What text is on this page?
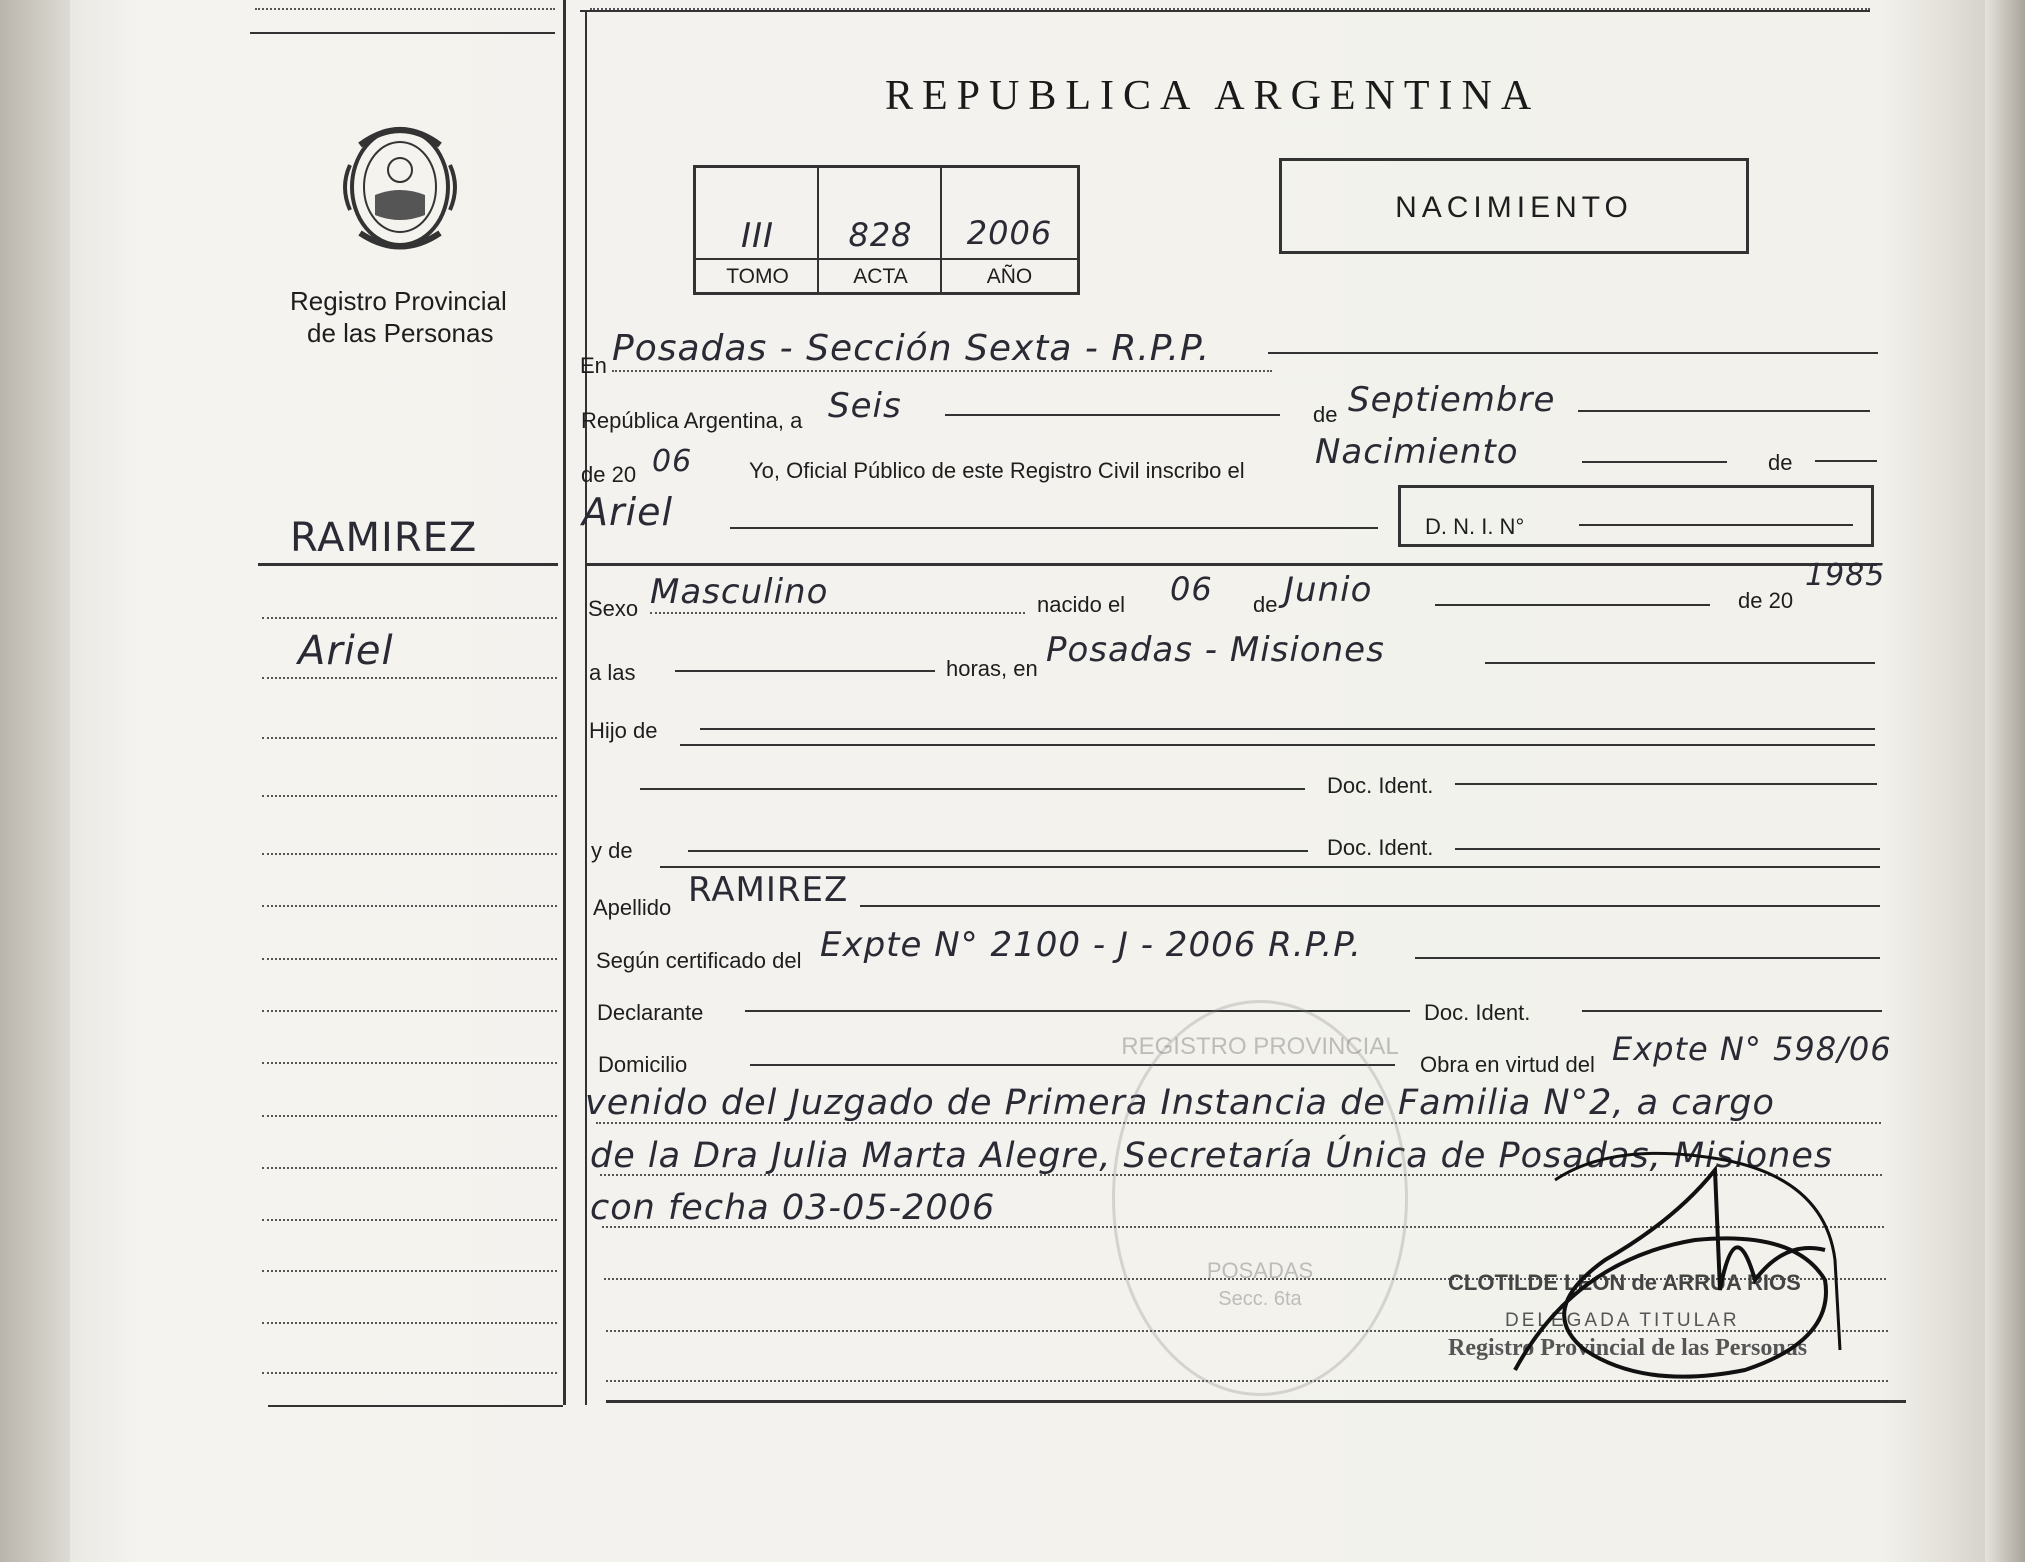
Registro Provincial
de las Personas
REPUBLICA ARGENTINA
III	828	2006
TOMO	ACTA	AÑO
NACIMIENTO
En Posadas - Sección Sexta - R.P.P.
República Argentina, a Seis	de Septiembre
de 20 06	Yo, Oficial Público de este Registro Civil inscribo el Nacimiento	de
Ariel	D. N. I. N°
RAMIREZ
Ariel
Sexo Masculino	nacido el 06 de Junio	de 20
1985
a las	horas, en Posadas - Misiones
Hijo de
Doc. Ident.
y de	Doc. Ident.
Apellido RAMIREZ
Según certificado del Expte N° 2100 - J - 2006 R.P.P.
Declarante	Doc. Ident.
Domicilio	Obra en virtud del Expte N° 598/06
venido del Juzgado de Primera Instancia de Familia N°2, a cargo
de la Dra Julia Marta Alegre, Secretaría Única de Posadas, Misiones
con fecha 03-05-2006
REGISTRO PROVINCIAL
POSADAS
Secc. 6ta
CLOTILDE LEON de ARRUA RIOS
DELEGADA TITULAR
Registro Provincial de las Personas
